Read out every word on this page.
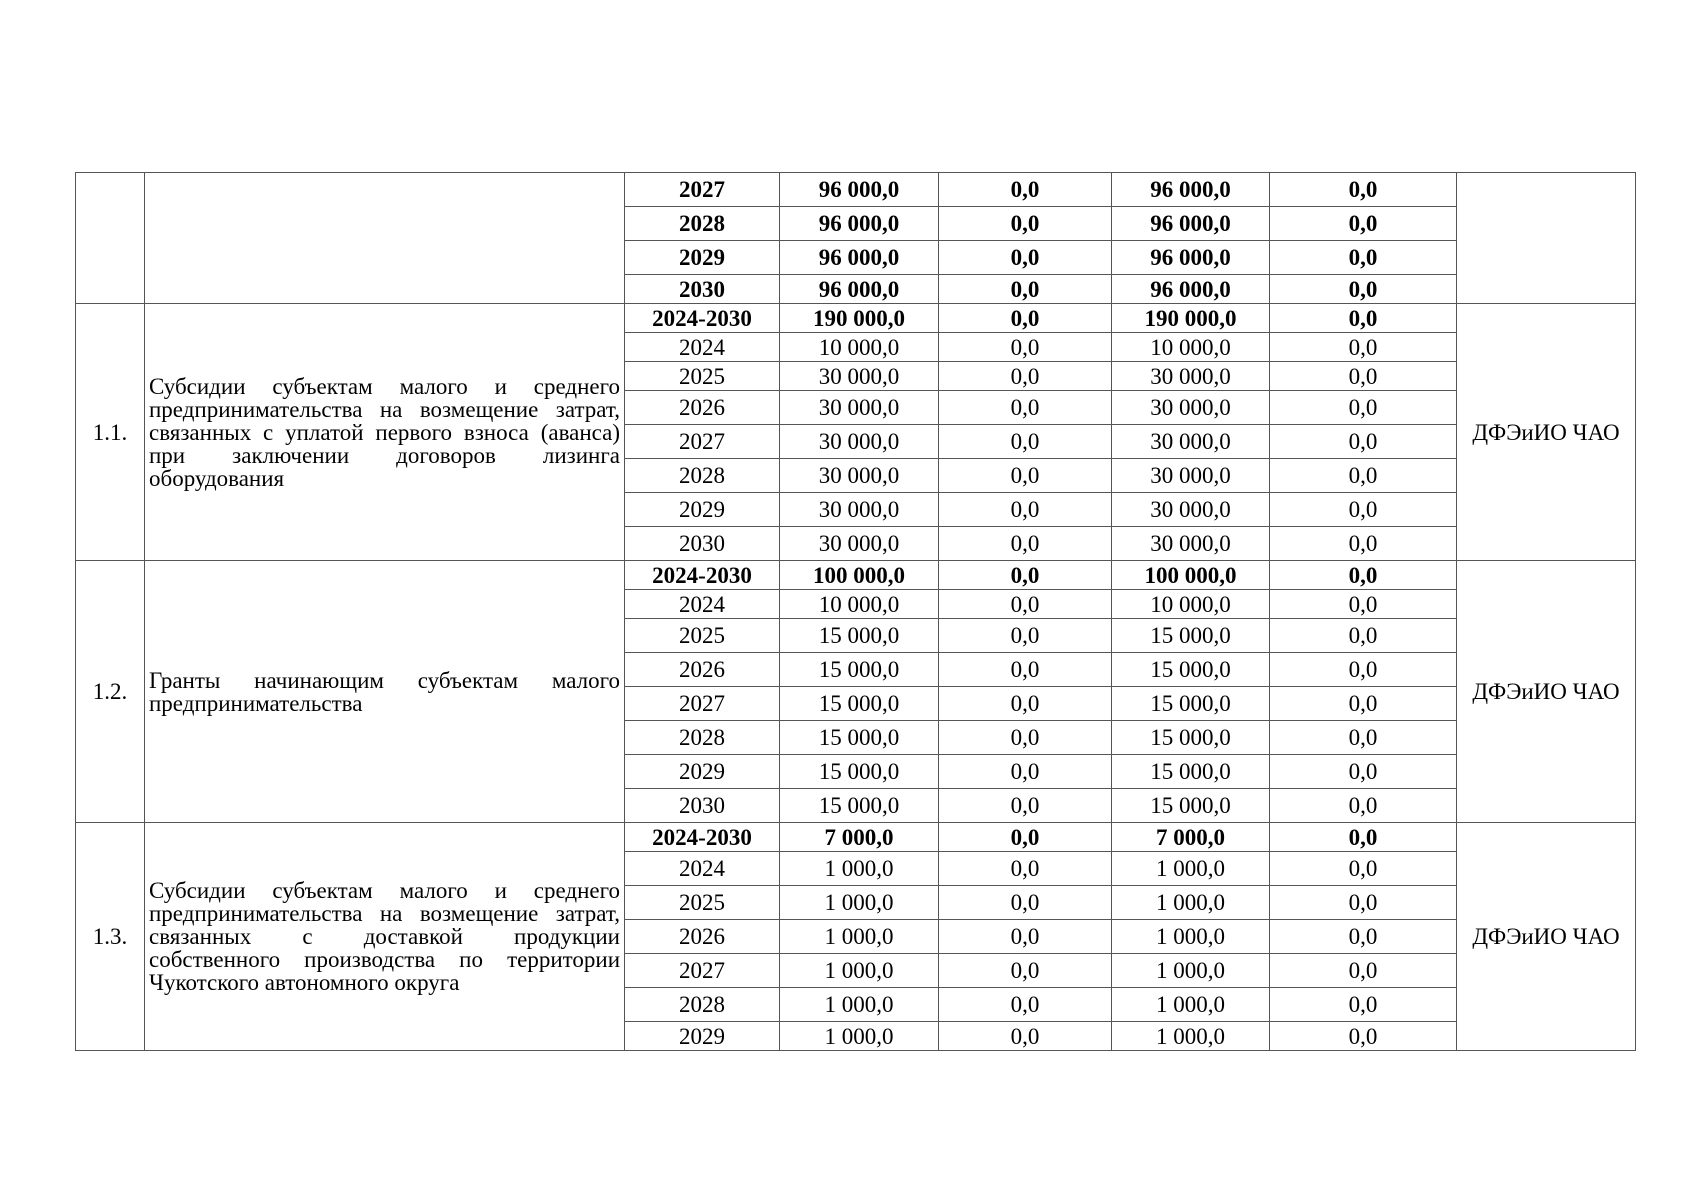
		2027	96 000,0	0,0	96 000,0	0,0	
		2028	96 000,0	0,0	96 000,0	0,0	
		2029	96 000,0	0,0	96 000,0	0,0	
		2030	96 000,0	0,0	96 000,0	0,0	
1.1.	Субсидии субъектам малого и среднего предпринимательства на возмещение затрат, связанных с уплатой первого взноса (аванса) при заключении договоров лизинга оборудования	2024-2030	190 000,0	0,0	190 000,0	0,0	ДФЭиИО ЧАО
		2024	10 000,0	0,0	10 000,0	0,0	
		2025	30 000,0	0,0	30 000,0	0,0	
		2026	30 000,0	0,0	30 000,0	0,0	
		2027	30 000,0	0,0	30 000,0	0,0	
		2028	30 000,0	0,0	30 000,0	0,0	
		2029	30 000,0	0,0	30 000,0	0,0	
		2030	30 000,0	0,0	30 000,0	0,0	
1.2.	Гранты начинающим субъектам малого предпринимательства	2024-2030	100 000,0	0,0	100 000,0	0,0	ДФЭиИО ЧАО
		2024	10 000,0	0,0	10 000,0	0,0	
		2025	15 000,0	0,0	15 000,0	0,0	
		2026	15 000,0	0,0	15 000,0	0,0	
		2027	15 000,0	0,0	15 000,0	0,0	
		2028	15 000,0	0,0	15 000,0	0,0	
		2029	15 000,0	0,0	15 000,0	0,0	
		2030	15 000,0	0,0	15 000,0	0,0	
1.3.	Субсидии субъектам малого и среднего предпринимательства на возмещение затрат, связанных с доставкой продукции собственного производства по территории Чукотского автономного округа	2024-2030	7 000,0	0,0	7 000,0	0,0	ДФЭиИО ЧАО
		2024	1 000,0	0,0	1 000,0	0,0	
		2025	1 000,0	0,0	1 000,0	0,0	
		2026	1 000,0	0,0	1 000,0	0,0	
		2027	1 000,0	0,0	1 000,0	0,0	
		2028	1 000,0	0,0	1 000,0	0,0	
		2029	1 000,0	0,0	1 000,0	0,0	
